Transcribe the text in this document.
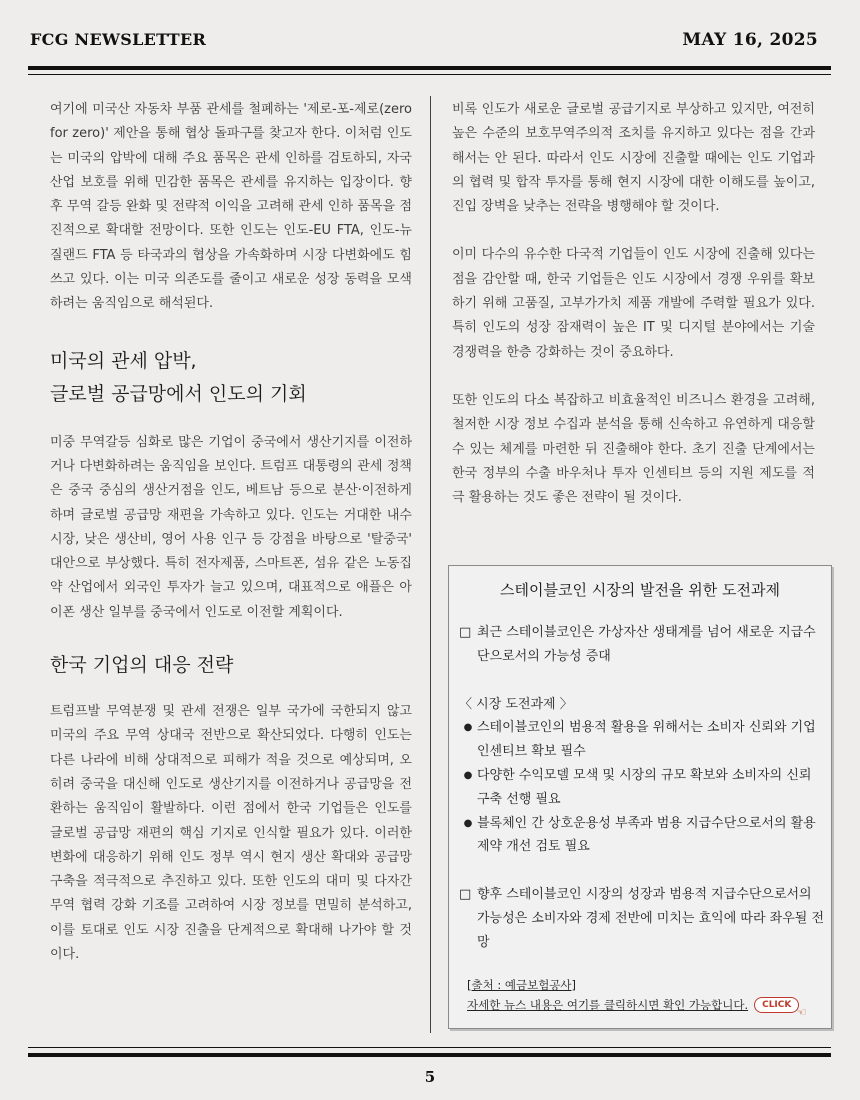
FCG NEWSLETTER	MAY 16, 2025

여기에 미국산 자동차 부품 관세를 철폐하는 '제로-포-제로(zero for zero)' 제안을 통해 협상 돌파구를 찾고자 한다. 이처럼 인도는 미국의 압박에 대해 주요 품목은 관세 인하를 검토하되, 자국 산업 보호를 위해 민감한 품목은 관세를 유지하는 입장이다. 향후 무역 갈등 완화 및 전략적 이익을 고려해 관세 인하 품목을 점진적으로 확대할 전망이다. 또한 인도는 인도-EU FTA, 인도-뉴질랜드 FTA 등 타국과의 협상을 가속화하며 시장 다변화에도 힘쓰고 있다. 이는 미국 의존도를 줄이고 새로운 성장 동력을 모색하려는 움직임으로 해석된다.

미국의 관세 압박,
글로벌 공급망에서 인도의 기회

미중 무역갈등 심화로 많은 기업이 중국에서 생산기지를 이전하거나 다변화하려는 움직임을 보인다. 트럼프 대통령의 관세 정책은 중국 중심의 생산거점을 인도, 베트남 등으로 분산·이전하게 하며 글로벌 공급망 재편을 가속하고 있다. 인도는 거대한 내수시장, 낮은 생산비, 영어 사용 인구 등 강점을 바탕으로 '탈중국' 대안으로 부상했다. 특히 전자제품, 스마트폰, 섬유 같은 노동집약 산업에서 외국인 투자가 늘고 있으며, 대표적으로 애플은 아이폰 생산 일부를 중국에서 인도로 이전할 계획이다.

한국 기업의 대응 전략

트럼프발 무역분쟁 및 관세 전쟁은 일부 국가에 국한되지 않고 미국의 주요 무역 상대국 전반으로 확산되었다. 다행히 인도는 다른 나라에 비해 상대적으로 피해가 적을 것으로 예상되며, 오히려 중국을 대신해 인도로 생산기지를 이전하거나 공급망을 전환하는 움직임이 활발하다. 이런 점에서 한국 기업들은 인도를 글로벌 공급망 재편의 핵심 기지로 인식할 필요가 있다. 이러한 변화에 대응하기 위해 인도 정부 역시 현지 생산 확대와 공급망 구축을 적극적으로 추진하고 있다. 또한 인도의 대미 및 다자간 무역 협력 강화 기조를 고려하여 시장 정보를 면밀히 분석하고, 이를 토대로 인도 시장 진출을 단계적으로 확대해 나가야 할 것이다.

비록 인도가 새로운 글로벌 공급기지로 부상하고 있지만, 여전히 높은 수준의 보호무역주의적 조치를 유지하고 있다는 점을 간과해서는 안 된다. 따라서 인도 시장에 진출할 때에는 인도 기업과의 협력 및 합작 투자를 통해 현지 시장에 대한 이해도를 높이고, 진입 장벽을 낮추는 전략을 병행해야 할 것이다.

이미 다수의 유수한 다국적 기업들이 인도 시장에 진출해 있다는 점을 감안할 때, 한국 기업들은 인도 시장에서 경쟁 우위를 확보하기 위해 고품질, 고부가가치 제품 개발에 주력할 필요가 있다. 특히 인도의 성장 잠재력이 높은 IT 및 디지털 분야에서는 기술 경쟁력을 한층 강화하는 것이 중요하다.

또한 인도의 다소 복잡하고 비효율적인 비즈니스 환경을 고려해, 철저한 시장 정보 수집과 분석을 통해 신속하고 유연하게 대응할 수 있는 체계를 마련한 뒤 진출해야 한다. 초기 진출 단계에서는 한국 정부의 수출 바우처나 투자 인센티브 등의 지원 제도를 적극 활용하는 것도 좋은 전략이 될 것이다.

스테이블코인 시장의 발전을 위한 도전과제
□ 최근 스테이블코인은 가상자산 생태계를 넘어 새로운 지급수단으로서의 가능성 증대
〈 시장 도전과제 〉
● 스테이블코인의 범용적 활용을 위해서는 소비자 신뢰와 기업 인센티브 확보 필수
● 다양한 수익모델 모색 및 시장의 규모 확보와 소비자의 신뢰 구축 선행 필요
● 블록체인 간 상호운용성 부족과 범용 지급수단으로서의 활용 제약 개선 검토 필요
□ 향후 스테이블코인 시장의 성장과 범용적 지급수단으로서의 가능성은 소비자와 경제 전반에 미치는 효익에 따라 좌우될 전망
[출처 : 예금보험공사]
자세한 뉴스 내용은 여기를 클릭하시면 확인 가능합니다.	CLICK
☜
5
